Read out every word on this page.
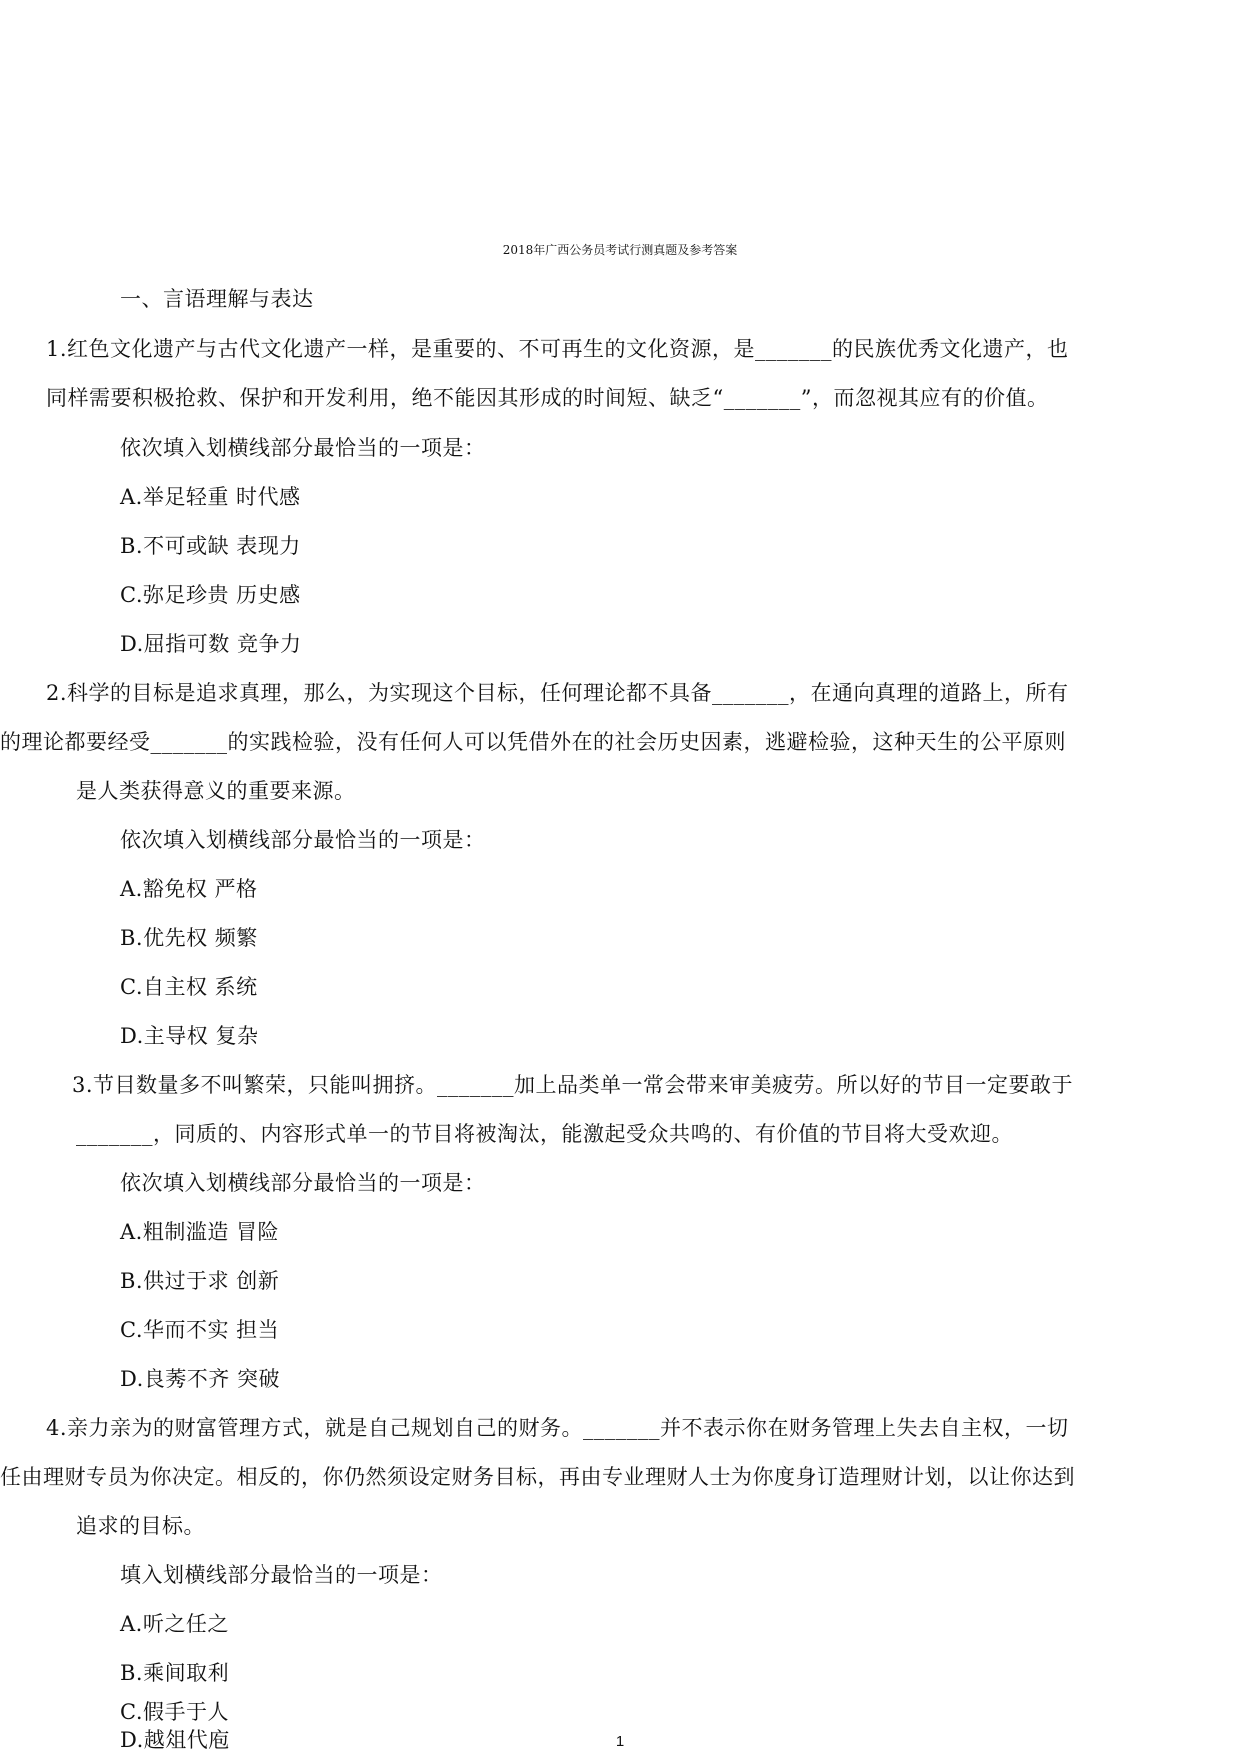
2018年广西公务员考试行测真题及参考答案
一、言语理解与表达
1.红色文化遗产与古代文化遗产一样，是重要的、不可再生的文化资源，是_______的民族优秀文化遗产，也
同样需要积极抢救、保护和开发利用，绝不能因其形成的时间短、缺乏“_______”，而忽视其应有的价值。
依次填入划横线部分最恰当的一项是：
A.举足轻重 时代感
B.不可或缺 表现力
C.弥足珍贵 历史感
D.屈指可数 竞争力
2.科学的目标是追求真理，那么，为实现这个目标，任何理论都不具备_______，在通向真理的道路上，所有
的理论都要经受_______的实践检验，没有任何人可以凭借外在的社会历史因素，逃避检验，这种天生的公平原则
是人类获得意义的重要来源。
依次填入划横线部分最恰当的一项是：
A.豁免权 严格
B.优先权 频繁
C.自主权 系统
D.主导权 复杂
3.节目数量多不叫繁荣，只能叫拥挤。_______加上品类单一常会带来审美疲劳。所以好的节目一定要敢于
_______，同质的、内容形式单一的节目将被淘汰，能激起受众共鸣的、有价值的节目将大受欢迎。
依次填入划横线部分最恰当的一项是：
A.粗制滥造 冒险
B.供过于求 创新
C.华而不实 担当
D.良莠不齐 突破
4.亲力亲为的财富管理方式，就是自己规划自己的财务。_______并不表示你在财务管理上失去自主权，一切
任由理财专员为你决定。相反的，你仍然须设定财务目标，再由专业理财人士为你度身订造理财计划，以让你达到
追求的目标。
填入划横线部分最恰当的一项是：
A.听之任之
B.乘间取利
C.假手于人
D.越俎代庖	1
